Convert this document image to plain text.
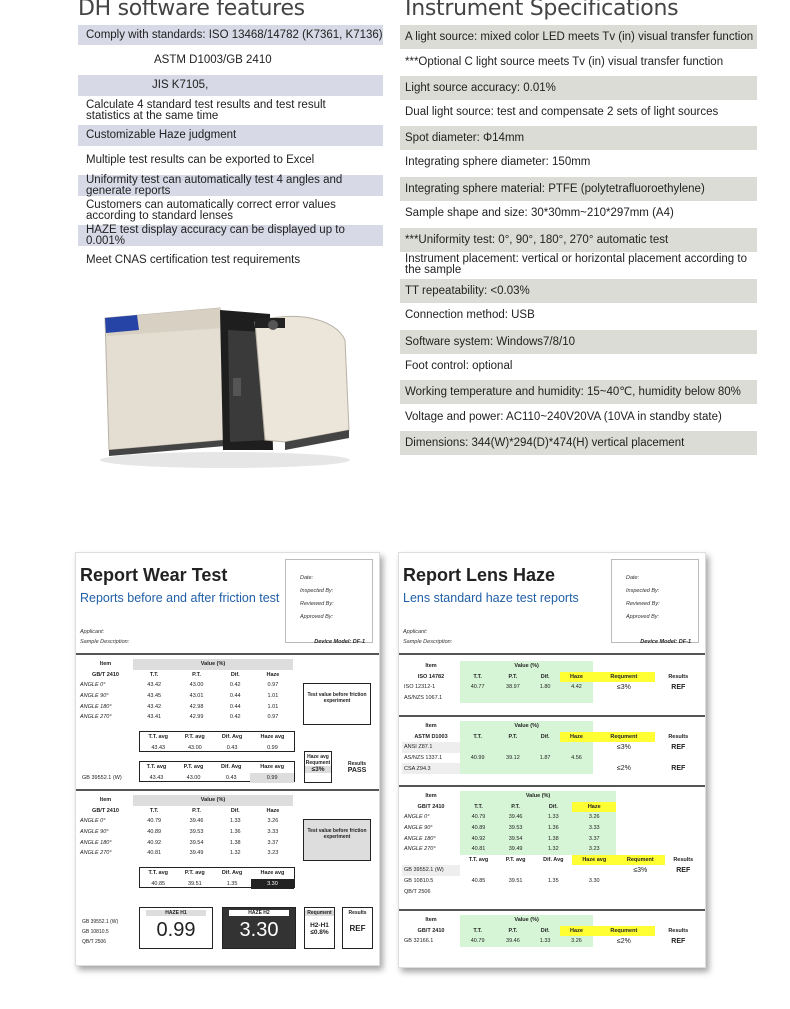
DH software features
Comply with standards: ISO 13468/14782 (K7361, K7136)
ASTM D1003/GB 2410
JIS K7105,
Calculate 4 standard test results and test result statistics at the same time
Customizable Haze judgment
Multiple test results can be exported to Excel
Uniformity test can automatically test 4 angles and generate reports
Customers can automatically correct error values according to standard lenses
HAZE test display accuracy can be displayed up to 0.001%
Meet CNAS certification test requirements
Instrument Specifications
A light source: mixed color LED meets Tv (in) visual transfer function
***Optional C light source meets Tv (in) visual transfer function
Light source accuracy: 0.01%
Dual light source: test and compensate 2 sets of light sources
Spot diameter: Φ14mm
Integrating sphere diameter: 150mm
Integrating sphere material: PTFE (polytetrafluoroethylene)
Sample shape and size: 30*30mm~210*297mm (A4)
***Uniformity test: 0°, 90°, 180°, 270° automatic test
Instrument placement: vertical or horizontal placement according to the sample
TT repeatability: <0.03%
Connection method: USB
Software system: Windows7/8/10
Foot control: optional
Working temperature and humidity: 15~40℃, humidity below 80%
Voltage and power: AC110~240V20VA (10VA in standby state)
Dimensions: 344(W)*294(D)*474(H) vertical placement
Report Wear Test
Reports before and after friction test
Date:
Inspected By:
Reviewed By:
Approved By:
Device Model: DF-1
Applicant:
Sample Description:
Item	Value (%)			
GB/T 2410	T.T.	P.T.	Dif.	Haze
ANGLE 0°	43.42	43.00	0.42	0.97
ANGLE 90°	43.45	43.01	0.44	1.01
ANGLE 180°	43.42	42.98	0.44	1.01
ANGLE 270°	43.41	42.99	0.42	0.97
Test value before friction experiment
T.T. avg	P.T. avg	Dif. Avg	Haze avg
43.43	43.00	0.43	0.99
	T.T. avg	P.T. avg	Dif. Avg	Haze avg
GB 39552.1 (W)	43.43	43.00	0.43	0.99
Haze avg
Requment
≤3%
Results
PASS
Item	Value (%)			
GB/T 2410	T.T.	P.T.	Dif.	Haze
ANGLE 0°	40.79	39.46	1.33	3.26
ANGLE 90°	40.89	39.53	1.36	3.33
ANGLE 180°	40.92	39.54	1.38	3.37
ANGLE 270°	40.81	39.49	1.32	3.23
Test value before friction experiment
T.T. avg	P.T. avg	Dif. Avg	Haze avg
40.85	39.51	1.35	3.30
GB 39552.1 (W)
GB 10810.5
QB/T 2506
HAZE H1
0.99
HAZE H2
3.30
Requment
H2-H1 ≤0.8%
Results
REF
Report Lens Haze
Lens standard haze test reports
Date:
Inspected By:
Reviewed By:
Approved By:
Device Model: DF-1
Applicant:
Sample Description:
Item	Value (%)					
ISO 14782	T.T.	P.T.	Dif.	Haze	Requment	Results
ISO 12312-1	40.77	38.97	1.80	4.42	≤3%	REF
AS/NZS 1067.1						
Item	Value (%)					
ASTM D1003	T.T.	P.T.	Dif.	Haze	Requment	Results
ANSI Z87.1					≤3%	REF
AS/NZS 1337.1	40.99	39.12	1.87	4.56		
CSA Z94.3					≤2%	REF
Item	Value (%)					
GB/T 2410	T.T.	P.T.	Dif.	Haze		
ANGLE 0°	40.79	39.46	1.33	3.26		
ANGLE 90°	40.89	39.53	1.36	3.33		
ANGLE 180°	40.92	39.54	1.38	3.37		
ANGLE 270°	40.81	39.49	1.32	3.23		
	T.T. avg	P.T. avg	Dif. Avg	Haze avg	Requment	Results
GB 39552.1 (W)					≤3%	REF
GB 10810.5	40.85	39.51	1.35	3.30		
QB/T 2506						
Item	Value (%)					
GB/T 2410	T.T.	P.T.	Dif.	Haze	Requment	Results
GB 32166.1	40.79	39.46	1.33	3.26	≤2%	REF
